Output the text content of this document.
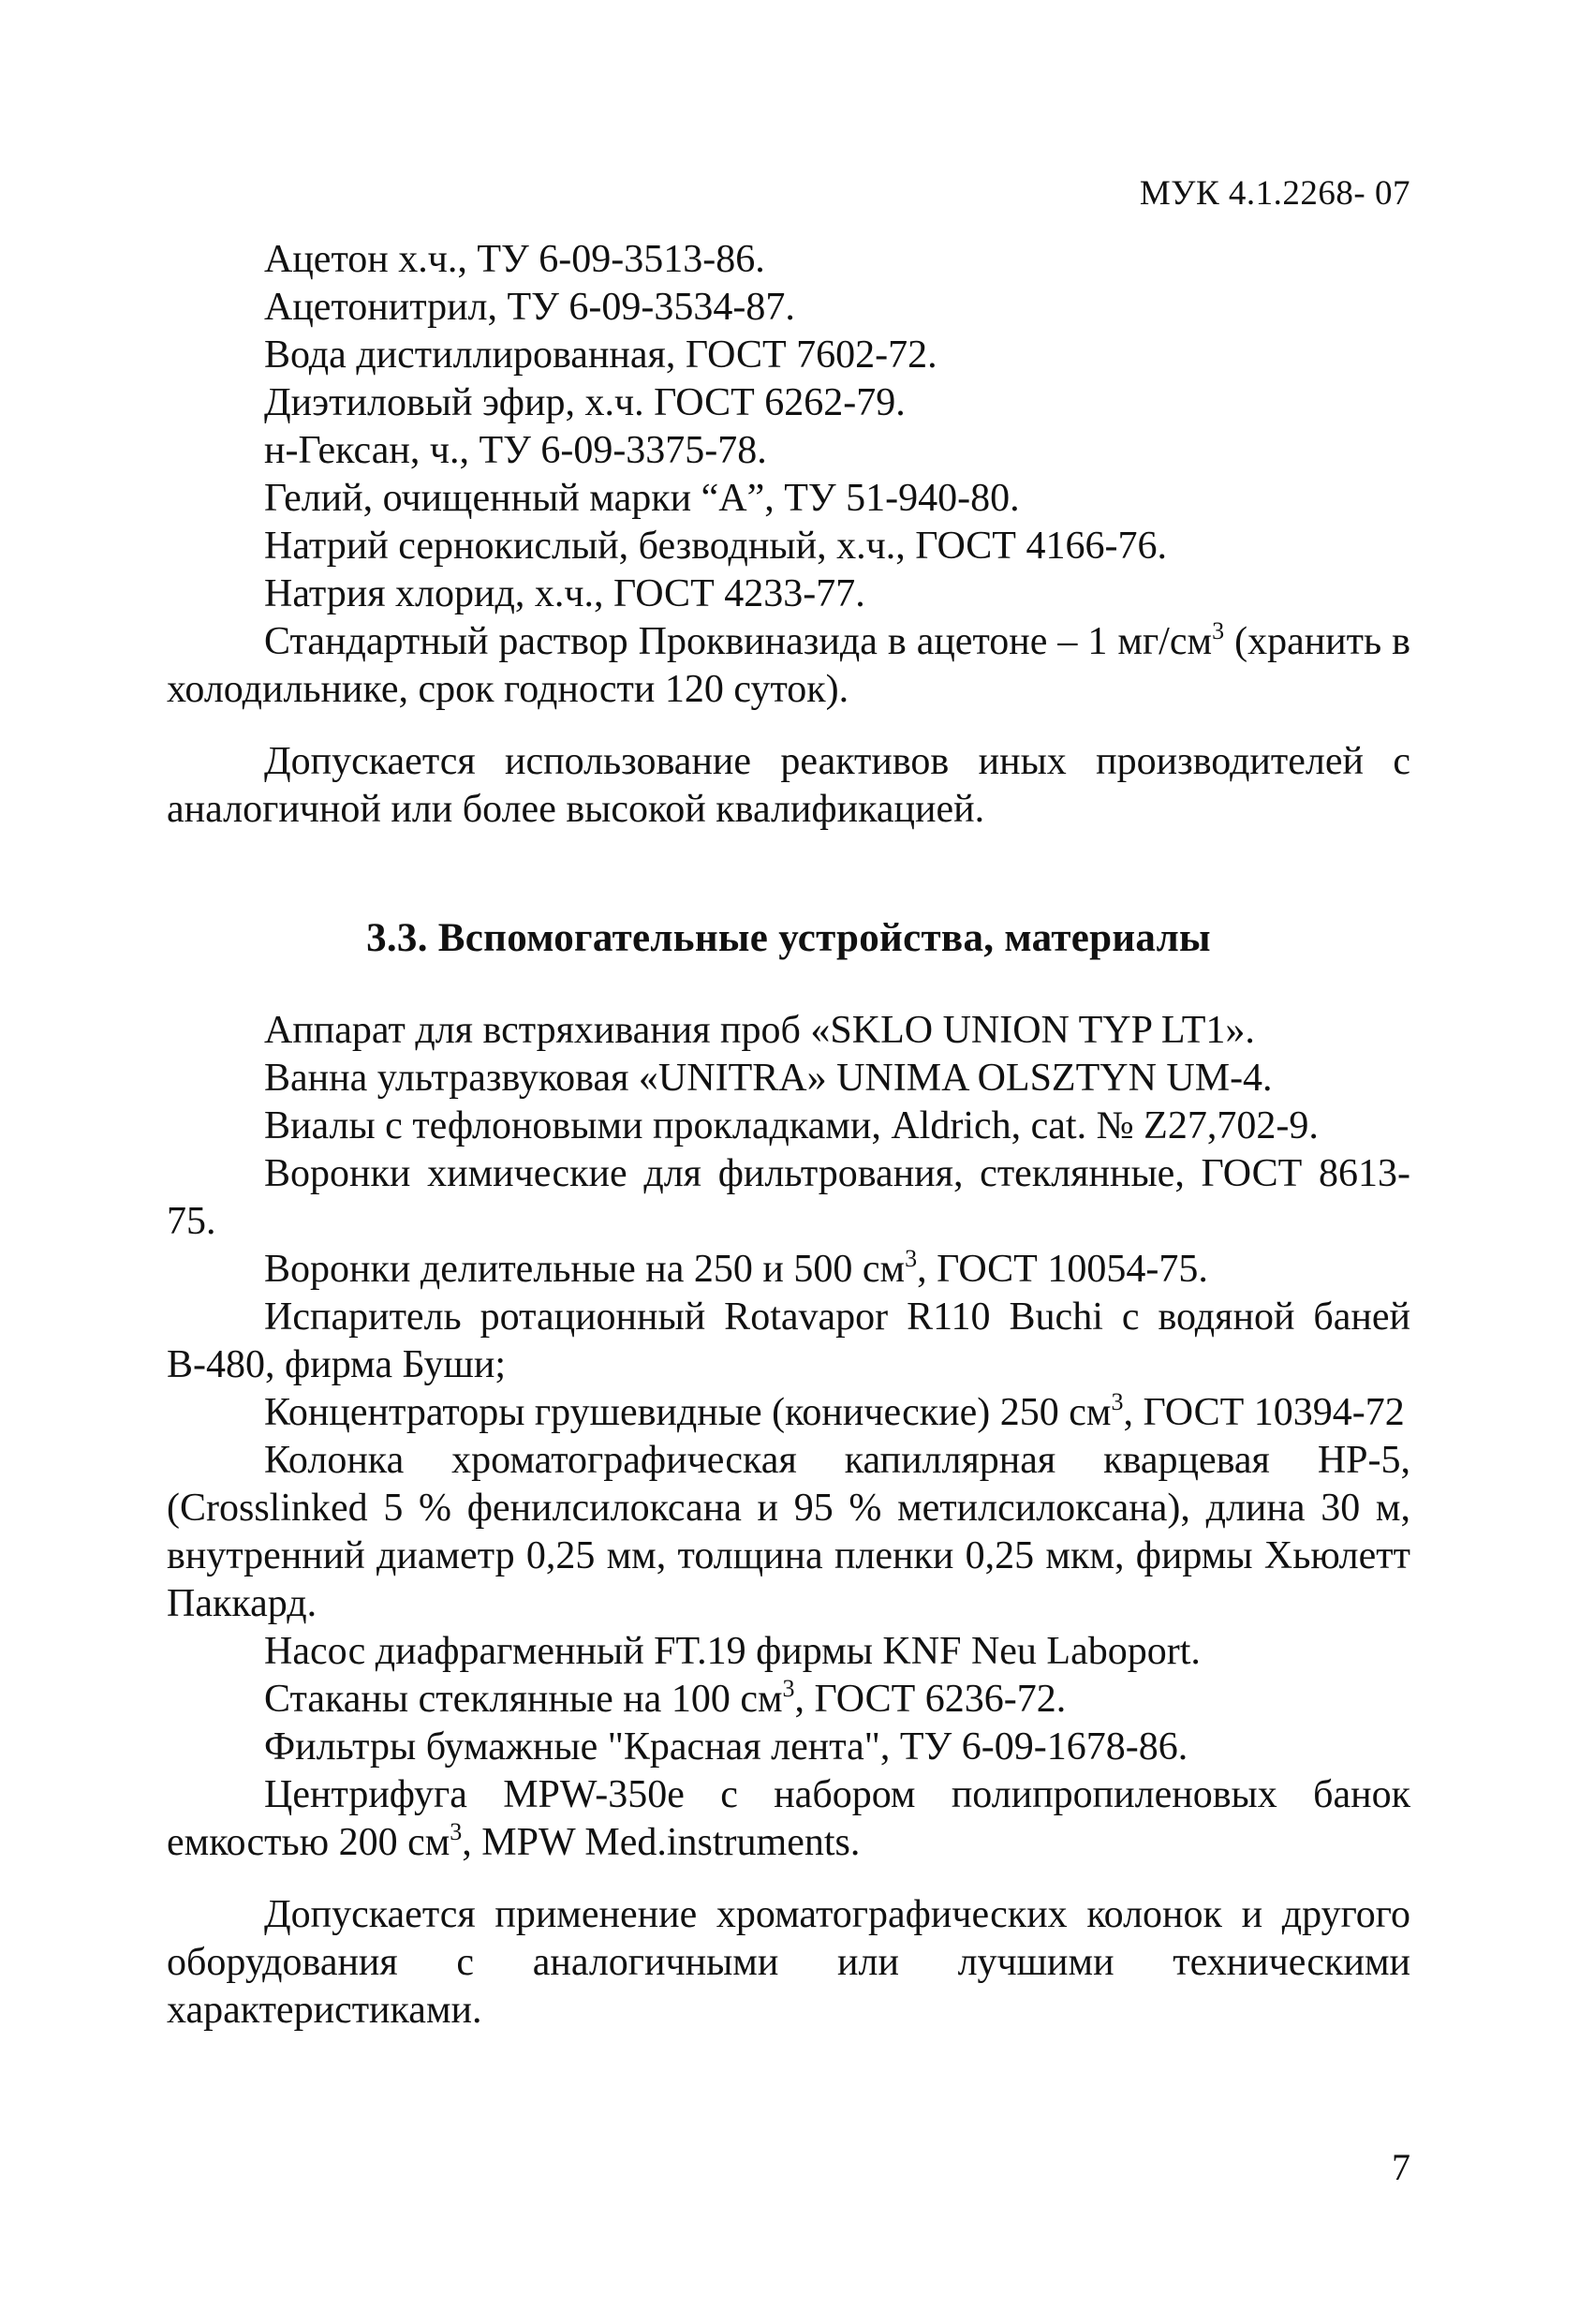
МУК 4.1.2268- 07

Ацетон х.ч., ТУ 6-09-3513-86.

Ацетонитрил, ТУ 6-09-3534-87.

Вода дистиллированная, ГОСТ 7602-72.

Диэтиловый эфир, х.ч. ГОСТ 6262-79.

н-Гексан, ч., ТУ 6-09-3375-78.

Гелий, очищенный марки “А”, ТУ 51-940-80.

Натрий сернокислый, безводный, х.ч., ГОСТ 4166-76.

Натрия хлорид, х.ч., ГОСТ 4233-77.

Стандартный раствор Проквиназида в ацетоне – 1 $мг/см^3$ (хранить в холодильнике, срок годности 120 суток).

Допускается использование реактивов иных производителей с аналогичной или более высокой квалификацией.

3.3. Вспомогательные устройства, материалы

Аппарат для встряхивания проб «SKLO UNION TYP LT1».

Ванна ультразвуковая «UNITRA» UNIMA OLSZTYN UM-4.

Виалы с тефлоновыми прокладками, Aldrich, cat. № Z27,702-9.

Воронки химические для фильтрования, стеклянные, ГОСТ 8613-75.

Воронки делительные на 250 и 500 $см^3$, ГОСТ 10054-75.

Испаритель ротационный Rotavapor R110 Buchi с водяной баней В-480, фирма Буши;

Концентраторы грушевидные (конические) 250 $см^3$, ГОСТ 10394-72

Колонка хроматографическая капиллярная кварцевая HP-5, (Crosslinked 5 % фенилсилоксана и 95 % метилсилоксана), длина 30 м, внутренний диаметр 0,25 мм, толщина пленки 0,25 мкм, фирмы Хьюлетт Паккард.

Насос диафрагменный FT.19 фирмы KNF Neu Laboport.

Стаканы стеклянные на 100 $см^3$, ГОСТ 6236-72.

Фильтры бумажные "Красная лента", ТУ 6-09-1678-86.

Центрифуга MPW-350e с набором полипропиленовых банок емкостью 200 $см^3$, MPW Med.instruments.

Допускается применение хроматографических колонок и другого оборудования с аналогичными или лучшими техническими характеристиками.

7
